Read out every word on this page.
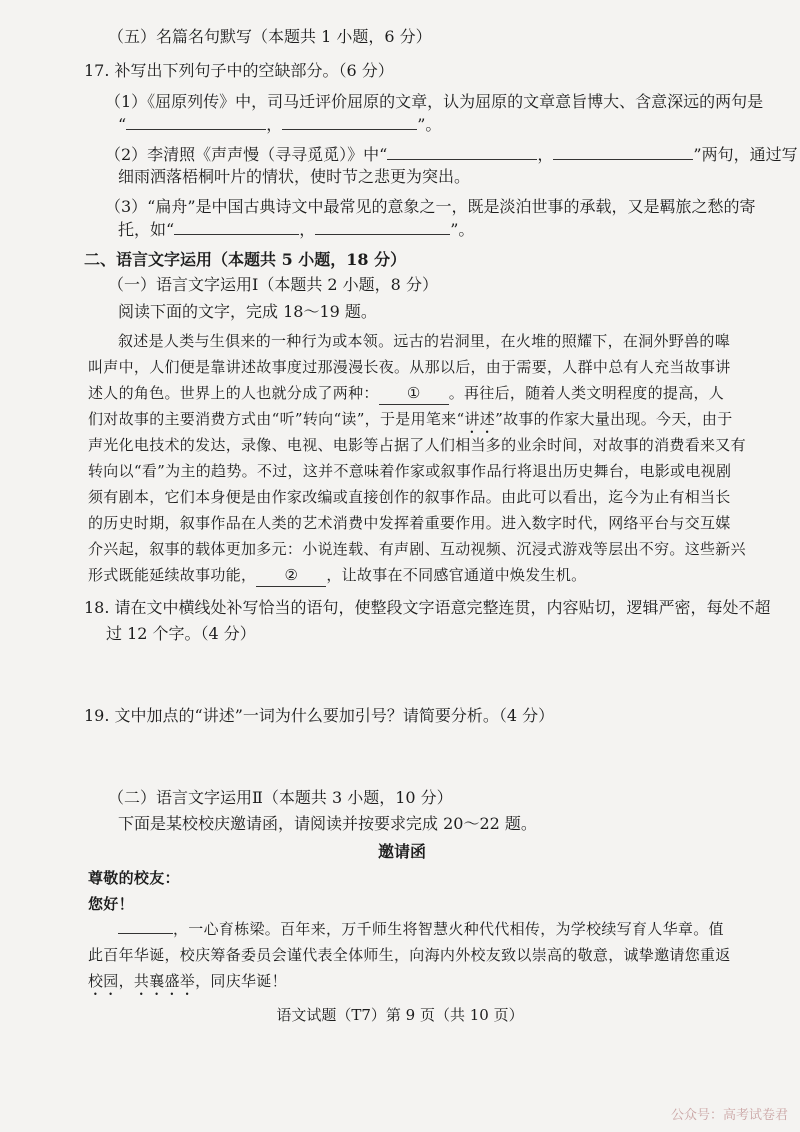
（五）名篇名句默写（本题共 1 小题，6 分）
17. 补写出下列句子中的空缺部分。（6 分）
（1）《屈原列传》中，司马迁评价屈原的文章，认为屈原的文章意旨博大、含意深远的两句是
“	，	”。
（2）李清照《声声慢（寻寻觅觅）》中“	，	”两句，通过写
细雨洒落梧桐叶片的情状，使时节之悲更为突出。
（3）“扁舟”是中国古典诗文中最常见的意象之一，既是淡泊世事的承载，又是羁旅之愁的寄
托，如“	，	”。
二、语言文字运用（本题共 5 小题，18 分）
（一）语言文字运用Ⅰ（本题共 2 小题，8 分）
阅读下面的文字，完成 18～19 题。
叙述是人类与生俱来的一种行为或本领。远古的岩洞里，在火堆的照耀下，在洞外野兽的嗥
叫声中，人们便是靠讲述故事度过那漫漫长夜。从那以后，由于需要，人群中总有人充当故事讲
述人的角色。世界上的人也就分成了两种： ① 。再往后，随着人类文明程度的提高，人
们对故事的主要消费方式由“听”转向“读”，于是用笔来“讲述”故事的作家大量出现。今天，由于
声光化电技术的发达，录像、电视、电影等占据了人们相当多的业余时间，对故事的消费看来又有
转向以“看”为主的趋势。不过，这并不意味着作家或叙事作品行将退出历史舞台，电影或电视剧
须有剧本，它们本身便是由作家改编或直接创作的叙事作品。由此可以看出，迄今为止有相当长
的历史时期，叙事作品在人类的艺术消费中发挥着重要作用。进入数字时代，网络平台与交互媒
介兴起，叙事的载体更加多元：小说连载、有声剧、互动视频、沉浸式游戏等层出不穷。这些新兴
形式既能延续故事功能， ② ，让故事在不同感官通道中焕发生机。
18. 请在文中横线处补写恰当的语句，使整段文字语意完整连贯，内容贴切，逻辑严密，每处不超
过 12 个字。（4 分）
19. 文中加点的“讲述”一词为什么要加引号？请简要分析。（4 分）
（二）语言文字运用Ⅱ（本题共 3 小题，10 分）
下面是某校校庆邀请函，请阅读并按要求完成 20～22 题。
邀请函
尊敬的校友：
您好！
，一心育栋梁。百年来，万千师生将智慧火种代代相传，为学校续写育人华章。值
此百年华诞，校庆筹备委员会谨代表全体师生，向海内外校友致以崇高的敬意，诚挚邀请您重返
校园，共襄盛举，同庆华诞！
语文试题（T7）第 9 页（共 10 页）
公众号：高考试卷君
